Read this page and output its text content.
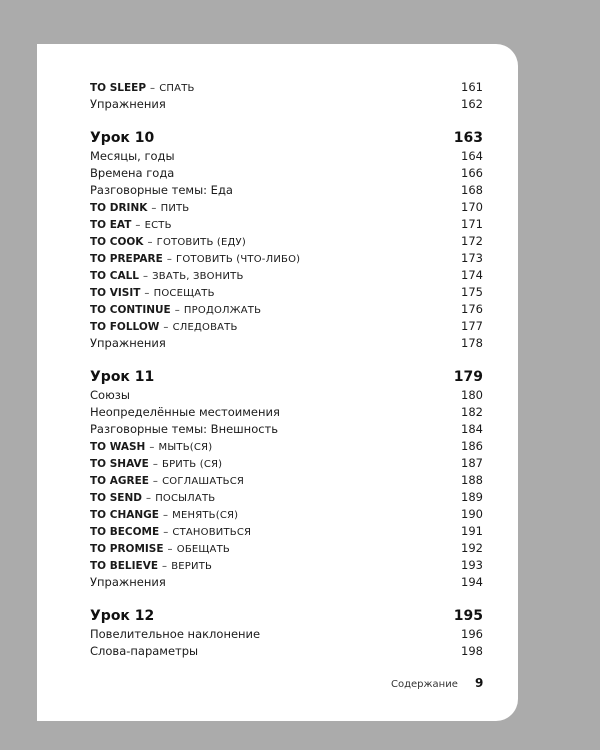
TO SLEEP – СПАТЬ	161
Упражнения	162
Урок 10	163
Месяцы, годы	164
Времена года	166
Разговорные темы: Еда	168
TO DRINK – ПИТЬ	170
TO EAT – ЕСТЬ	171
TO COOK – ГОТОВИТЬ (ЕДУ)	172
TO PREPARE – ГОТОВИТЬ (ЧТО-ЛИБО)	173
TO CALL – ЗВАТЬ, ЗВОНИТЬ	174
TO VISIT – ПОСЕЩАТЬ	175
TO CONTINUE – ПРОДОЛЖАТЬ	176
TO FOLLOW – СЛЕДОВАТЬ	177
Упражнения	178
Урок 11	179
Союзы	180
Неопределённые местоимения	182
Разговорные темы: Внешность	184
TO WASH – МЫТЬ(СЯ)	186
TO SHAVE – БРИТЬ (СЯ)	187
TO AGREE – СОГЛАШАТЬСЯ	188
TO SEND – ПОСЫЛАТЬ	189
TO CHANGE – МЕНЯТЬ(СЯ)	190
TO BECOME – СТАНОВИТЬСЯ	191
TO PROMISE – ОБЕЩАТЬ	192
TO BELIEVE – ВЕРИТЬ	193
Упражнения	194
Урок 12	195
Повелительное наклонение	196
Слова-параметры	198
Содержание 9
